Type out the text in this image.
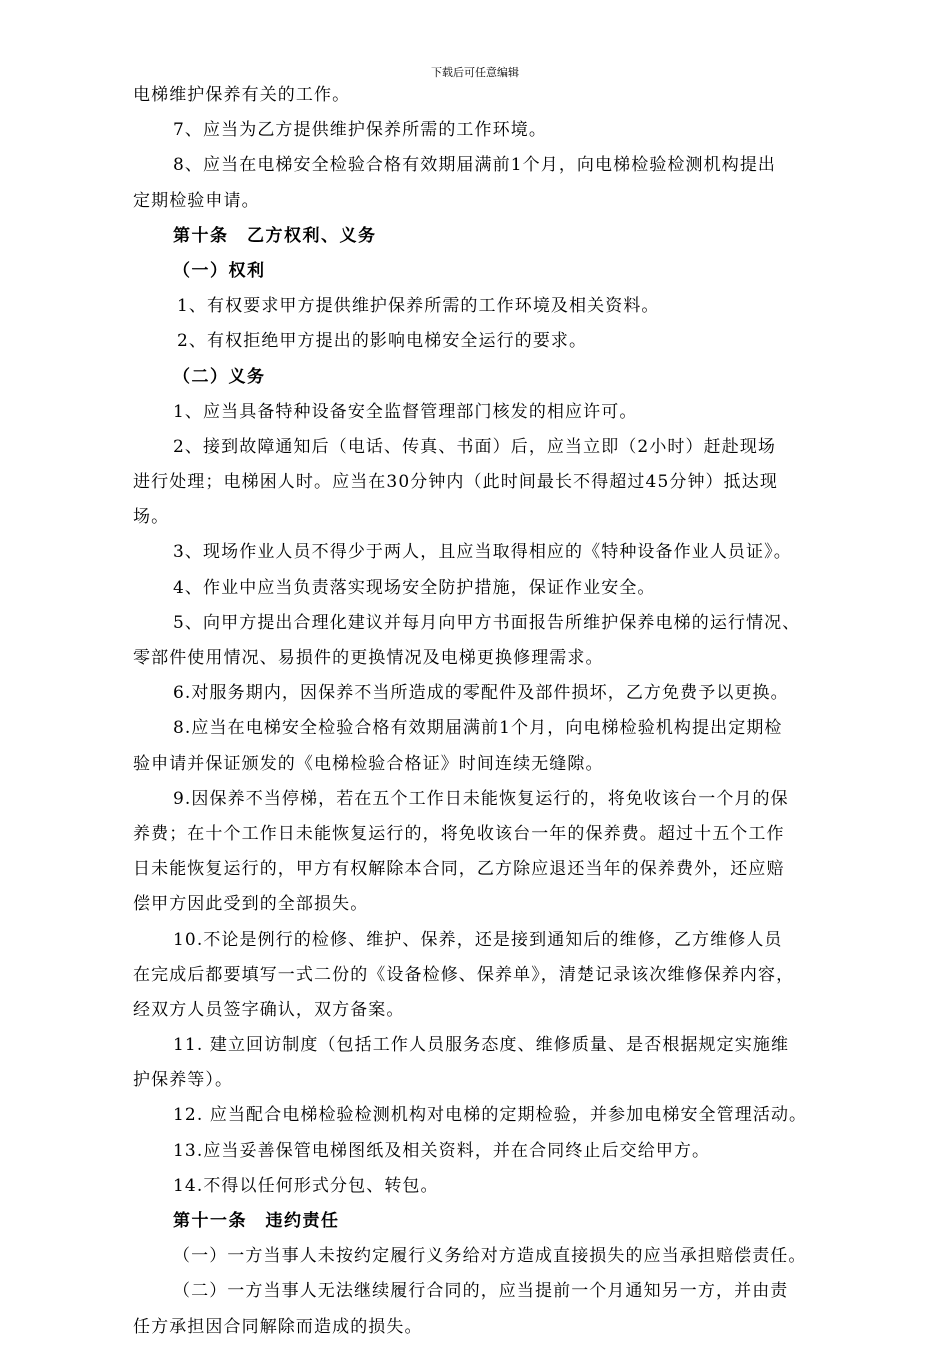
下载后可任意编辑
电梯维护保养有关的工作。
7、应当为乙方提供维护保养所需的工作环境。
8、应当在电梯安全检验合格有效期届满前1个月，向电梯检验检测机构提出
定期检验申请。
第十条　乙方权利、义务
（一）权利
1、有权要求甲方提供维护保养所需的工作环境及相关资料。
2、有权拒绝甲方提出的影响电梯安全运行的要求。
（二）义务
1、应当具备特种设备安全监督管理部门核发的相应许可。
2、接到故障通知后（电话、传真、书面）后，应当立即（2小时）赶赴现场
进行处理；电梯困人时。应当在30分钟内（此时间最长不得超过45分钟）抵达现
场。
3、现场作业人员不得少于两人，且应当取得相应的《特种设备作业人员证》。
4、作业中应当负责落实现场安全防护措施，保证作业安全。
5、向甲方提出合理化建议并每月向甲方书面报告所维护保养电梯的运行情况、
零部件使用情况、易损件的更换情况及电梯更换修理需求。
6.对服务期内，因保养不当所造成的零配件及部件损坏，乙方免费予以更换。
8.应当在电梯安全检验合格有效期届满前1个月，向电梯检验机构提出定期检
验申请并保证颁发的《电梯检验合格证》时间连续无缝隙。
9.因保养不当停梯，若在五个工作日未能恢复运行的，将免收该台一个月的保
养费；在十个工作日未能恢复运行的，将免收该台一年的保养费。超过十五个工作
日未能恢复运行的，甲方有权解除本合同，乙方除应退还当年的保养费外，还应赔
偿甲方因此受到的全部损失。
10.不论是例行的检修、维护、保养，还是接到通知后的维修，乙方维修人员
在完成后都要填写一式二份的《设备检修、保养单》，清楚记录该次维修保养内容，
经双方人员签字确认，双方备案。
11. 建立回访制度（包括工作人员服务态度、维修质量、是否根据规定实施维
护保养等）。
12. 应当配合电梯检验检测机构对电梯的定期检验，并参加电梯安全管理活动。
13.应当妥善保管电梯图纸及相关资料，并在合同终止后交给甲方。
14.不得以任何形式分包、转包。
第十一条　违约责任
（一）一方当事人未按约定履行义务给对方造成直接损失的应当承担赔偿责任。
（二）一方当事人无法继续履行合同的，应当提前一个月通知另一方，并由责
任方承担因合同解除而造成的损失。
